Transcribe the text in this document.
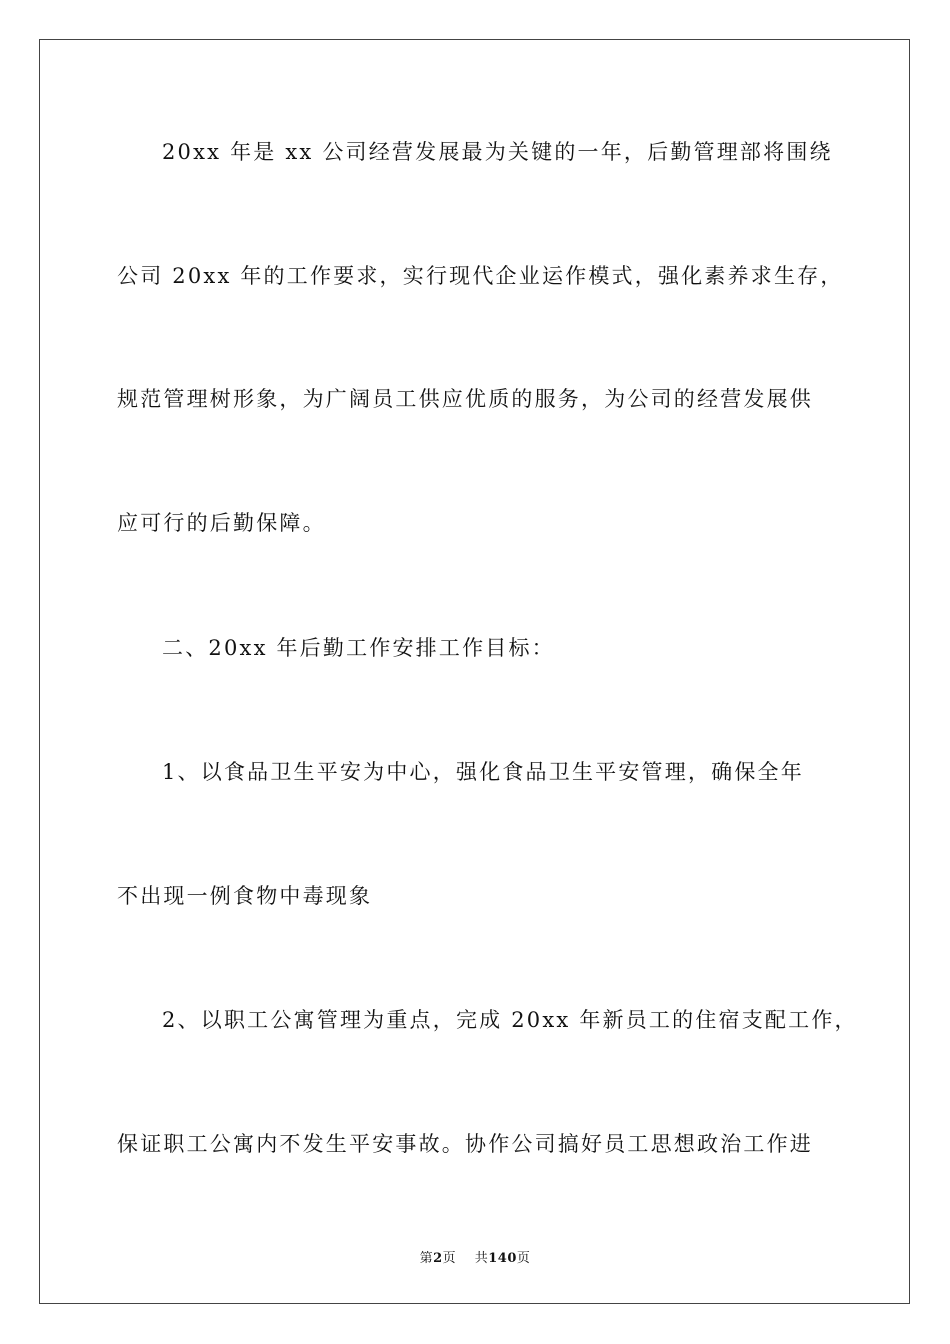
20xx 年是 xx 公司经营发展最为关键的一年，后勤管理部将围绕
公司 20xx 年的工作要求，实行现代企业运作模式，强化素养求生存，
规范管理树形象，为广阔员工供应优质的服务，为公司的经营发展供
应可行的后勤保障。
二、20xx 年后勤工作安排工作目标：
1、以食品卫生平安为中心，强化食品卫生平安管理，确保全年
不出现一例食物中毒现象
2、以职工公寓管理为重点，完成 20xx 年新员工的住宿支配工作，
保证职工公寓内不发生平安事故。协作公司搞好员工思想政治工作进
第2页 共140页
